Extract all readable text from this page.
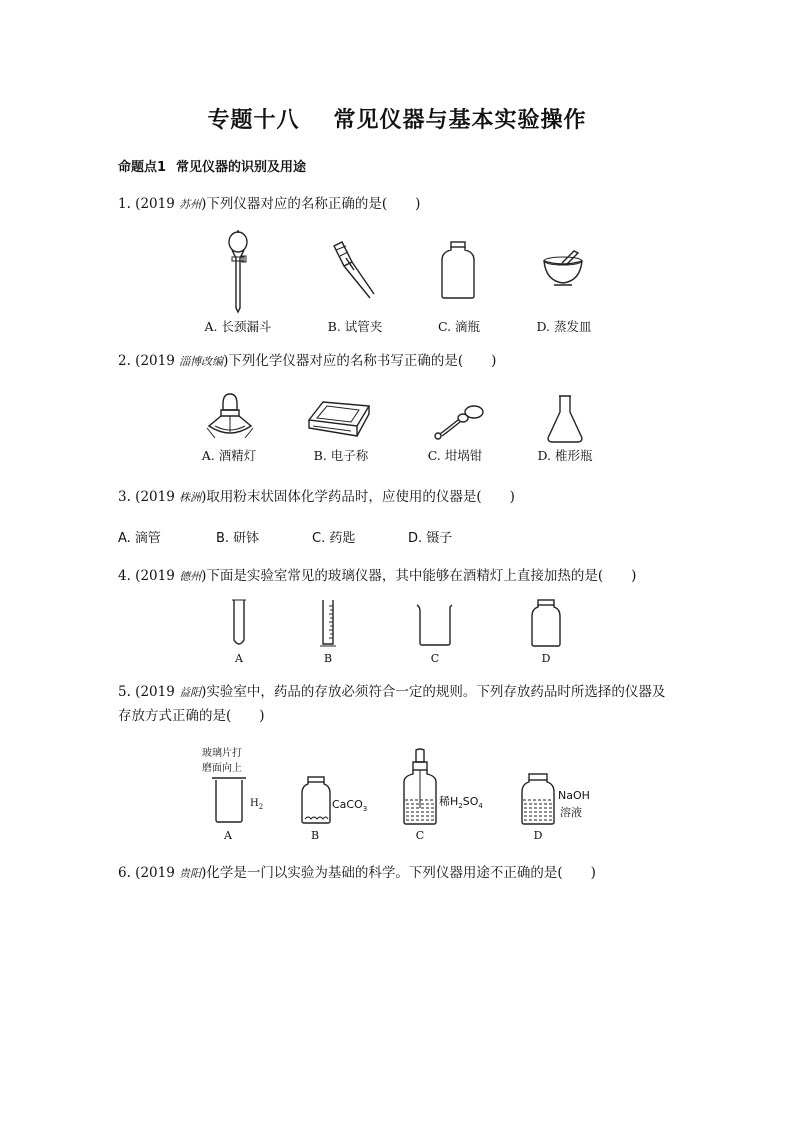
专题十八 常见仪器与基本实验操作
命题点1 常见仪器的识别及用途
1. (2019 苏州)下列仪器对应的名称正确的是( )
A. 长颈漏斗	B. 试管夹	C. 滴瓶	D. 蒸发皿
2. (2019 淄博改编)下列化学仪器对应的名称书写正确的是( )
A. 酒精灯	B. 电子称	C. 坩埚钳	D. 椎形瓶
3. (2019 株洲)取用粉末状固体化学药品时，应使用的仪器是( )
A. 滴管	B. 研钵	C. 药匙	D. 镊子
4. (2019 德州)下面是实验室常见的玻璃仪器，其中能够在酒精灯上直接加热的是( )
A	B	C	D
5. (2019 益阳)实验室中，药品的存放必须符合一定的规则。下列存放药品时所选择的仪器及
存放方式正确的是( )
玻璃片打
磨面向上
$H_2$	CaCO$_3$
稀$H_2SO_4$
NaOH
溶液
A	B	C	D
6. (2019 贵阳)化学是一门以实验为基础的科学。下列仪器用途不正确的是( )
